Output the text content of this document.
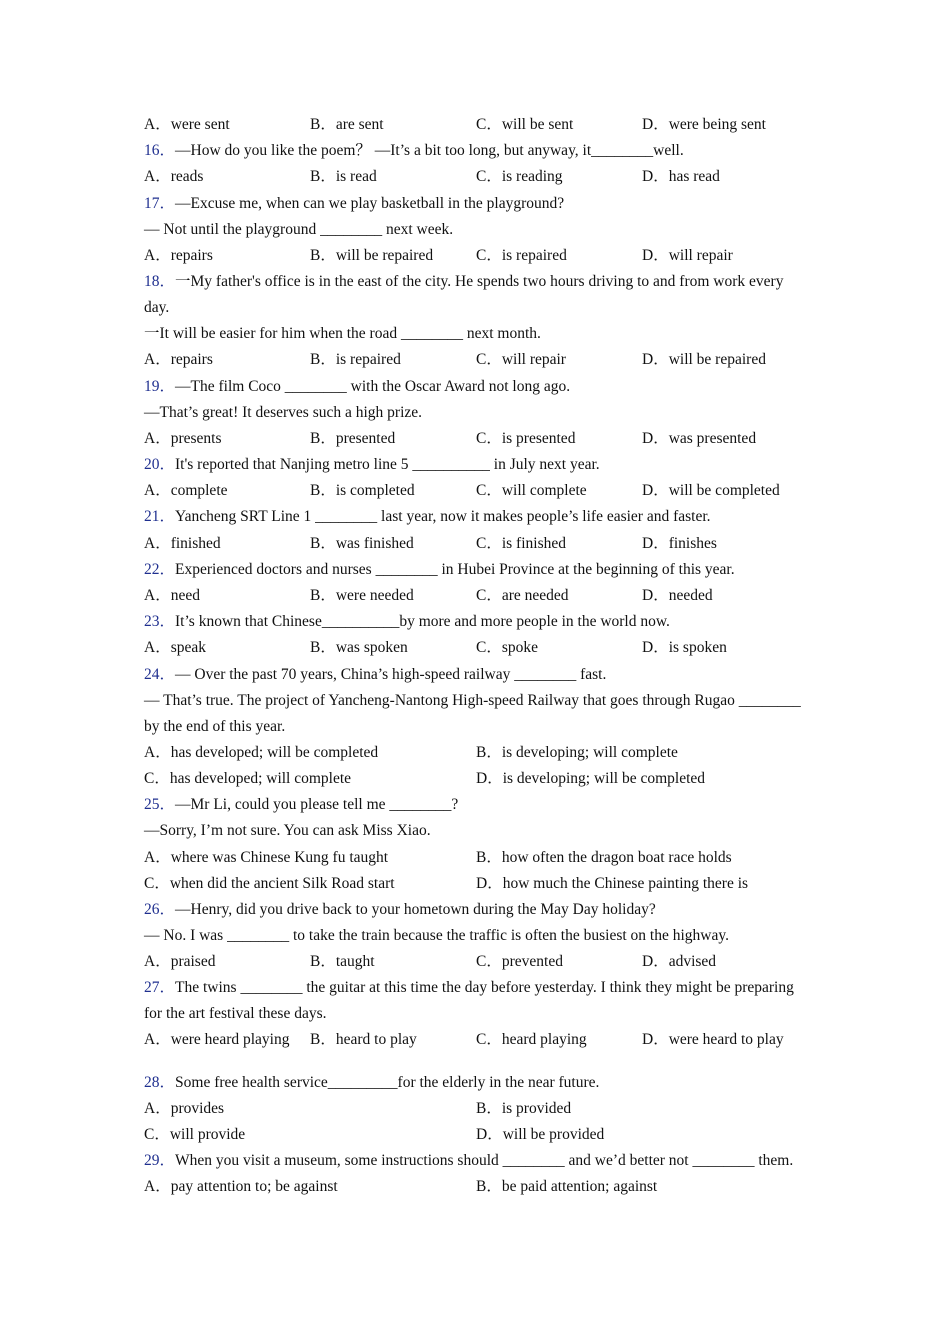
A．were sent	B．are sent	C．will be sent	D．were being sent
16．—How do you like the poem？ —It’s a bit too long, but anyway, it________well.
A．reads	B．is read	C．is reading	D．has read
17．—Excuse me, when can we play basketball in the playground?
— Not until the playground ________ next week.
A．repairs	B．will be repaired	C．is repaired	D．will repair
18．一My father's office is in the east of the city. He spends two hours driving to and from work every day.
一It will be easier for him when the road ________ next month.
A．repairs	B．is repaired	C．will repair	D．will be repaired
19．—The film Coco ________ with the Oscar Award not long ago.
—That’s great! It deserves such a high prize.
A．presents	B．presented	C．is presented	D．was presented
20．It's reported that Nanjing metro line 5 __________ in July next year.
A．complete	B．is completed	C．will complete	D．will be completed
21．Yancheng SRT Line 1 ________ last year, now it makes people’s life easier and faster.
A．finished	B．was finished	C．is finished	D．finishes
22．Experienced doctors and nurses ________ in Hubei Province at the beginning of this year.
A．need	B．were needed	C．are needed	D．needed
23．It’s known that Chinese__________by more and more people in the world now.
A．speak	B．was spoken	C．spoke	D．is spoken
24．— Over the past 70 years, China’s high-speed railway ________ fast.
— That’s true. The project of Yancheng-Nantong High-speed Railway that goes through Rugao ________ by the end of this year.
A．has developed; will be completed	B．is developing; will complete
C．has developed; will complete	D．is developing; will be completed
25．—Mr Li, could you please tell me ________?
—Sorry, I’m not sure. You can ask Miss Xiao.
A．where was Chinese Kung fu taught	B．how often the dragon boat race holds
C．when did the ancient Silk Road start	D．how much the Chinese painting there is
26．—Henry, did you drive back to your hometown during the May Day holiday?
— No. I was ________ to take the train because the traffic is often the busiest on the highway.
A．praised	B．taught	C．prevented	D．advised
27．The twins ________ the guitar at this time the day before yesterday. I think they might be preparing for the art festival these days.
A．were heard playing	B．heard to play	C．heard playing	D．were heard to play
28．Some free health service_________for the elderly in the near future.
A．provides	B．is provided
C．will provide	D．will be provided
29．When you visit a museum, some instructions should ________ and we’d better not ________ them.
A．pay attention to; be against	B．be paid attention; against
